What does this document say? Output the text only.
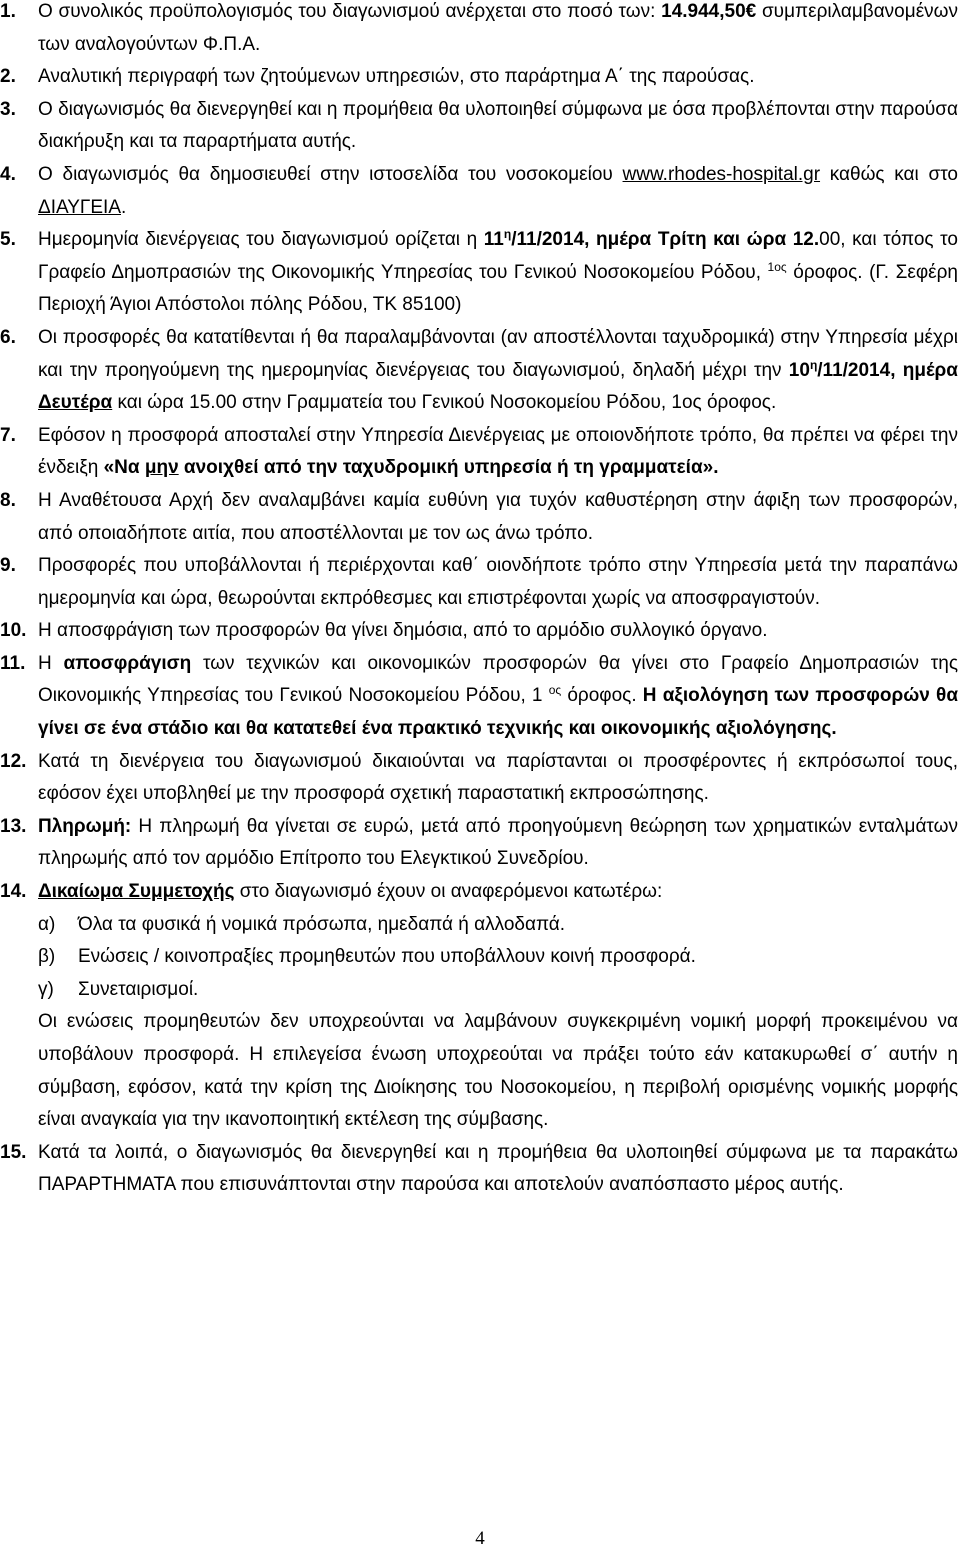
1.	Ο συνολικός προϋπολογισμός του διαγωνισμού ανέρχεται στο ποσό των: 14.944,50€ συμπεριλαμβανομένων των αναλογούντων Φ.Π.Α.
2.	Αναλυτική περιγραφή των ζητούμενων υπηρεσιών, στο παράρτημα Α΄ της παρούσας.
3.	Ο διαγωνισμός θα διενεργηθεί και η προμήθεια θα υλοποιηθεί σύμφωνα με όσα προβλέπονται στην παρούσα διακήρυξη και τα παραρτήματα αυτής.
4.	Ο διαγωνισμός θα δημοσιευθεί στην ιστοσελίδα του νοσοκομείου www.rhodes-hospital.gr καθώς και στο ΔΙΑΥΓΕΙΑ.
5.	Ημερομηνία διενέργειας του διαγωνισμού ορίζεται η $11^\eta/11/2014$, ημέρα Τρίτη και ώρα 12.00, και τόπος το Γραφείο Δημοπρασιών της Οικονομικής Υπηρεσίας του Γενικού Νοσοκομείου Ρόδου, $^{1o\varsigma}$ όροφος. (Γ. Σεφέρη Περιοχή Άγιοι Απόστολοι πόλης Ρόδου, ΤΚ 85100)
6.	Οι προσφορές θα κατατίθενται ή θα παραλαμβάνονται (αν αποστέλλονται ταχυδρομικά) στην Υπηρεσία μέχρι και την προηγούμενη της ημερομηνίας διενέργειας του διαγωνισμού, δηλαδή μέχρι την $10^\eta/11/2014$, ημέρα Δευτέρα και ώρα 15.00 στην Γραμματεία του Γενικού Νοσοκομείου Ρόδου, 1ος όροφος.
7.	Εφόσον η προσφορά αποσταλεί στην Υπηρεσία Διενέργειας με οποιονδήποτε τρόπο, θα πρέπει να φέρει την ένδειξη «Να μην ανοιχθεί από την ταχυδρομική υπηρεσία ή τη γραμματεία».
8.	Η Αναθέτουσα Αρχή δεν αναλαμβάνει καμία ευθύνη για τυχόν καθυστέρηση στην άφιξη των προσφορών, από οποιαδήποτε αιτία, που αποστέλλονται με τον ως άνω τρόπο.
9.	Προσφορές που υποβάλλονται ή περιέρχονται καθ΄ οιονδήποτε τρόπο στην Υπηρεσία μετά την παραπάνω ημερομηνία και ώρα, θεωρούνται εκπρόθεσμες και επιστρέφονται χωρίς να αποσφραγιστούν.
10. Η αποσφράγιση των προσφορών θα γίνει δημόσια, από το αρμόδιο συλλογικό όργανο.
11. Η αποσφράγιση των τεχνικών και οικονομικών προσφορών θα γίνει στο Γραφείο Δημοπρασιών της Οικονομικής Υπηρεσίας του Γενικού Νοσοκομείου Ρόδου, 1 $^{o\varsigma}$ όροφος. Η αξιολόγηση των προσφορών θα γίνει σε ένα στάδιο και θα κατατεθεί ένα πρακτικό τεχνικής και οικονομικής αξιολόγησης.
12. Κατά τη διενέργεια του διαγωνισμού δικαιούνται να παρίστανται οι προσφέροντες ή εκπρόσωποί τους, εφόσον έχει υποβληθεί με την προσφορά σχετική παραστατική εκπροσώπησης.
13. Πληρωμή: Η πληρωμή θα γίνεται σε ευρώ, μετά από προηγούμενη θεώρηση των χρηματικών ενταλμάτων πληρωμής από τον αρμόδιο Επίτροπο του Ελεγκτικού Συνεδρίου.
14. Δικαίωμα Συμμετοχής στο διαγωνισμό έχουν οι αναφερόμενοι κατωτέρω:
α)	Όλα τα φυσικά ή νομικά πρόσωπα, ημεδαπά ή αλλοδαπά.
β)	Ενώσεις / κοινοπραξίες προμηθευτών που υποβάλλουν κοινή προσφορά.
γ)	Συνεταιρισμοί.
Οι ενώσεις προμηθευτών δεν υποχρεούνται να λαμβάνουν συγκεκριμένη νομική μορφή προκειμένου να υποβάλουν προσφορά. Η επιλεγείσα ένωση υποχρεούται να πράξει τούτο εάν κατακυρωθεί σ΄ αυτήν η σύμβαση, εφόσον, κατά την κρίση της Διοίκησης του Νοσοκομείου, η περιβολή ορισμένης νομικής μορφής είναι αναγκαία για την ικανοποιητική εκτέλεση της σύμβασης.
15. Κατά τα λοιπά, ο διαγωνισμός θα διενεργηθεί και η προμήθεια θα υλοποιηθεί σύμφωνα με τα παρακάτω ΠΑΡΑΡΤΗΜΑΤΑ που επισυνάπτονται στην παρούσα και αποτελούν αναπόσπαστο μέρος αυτής.
4
